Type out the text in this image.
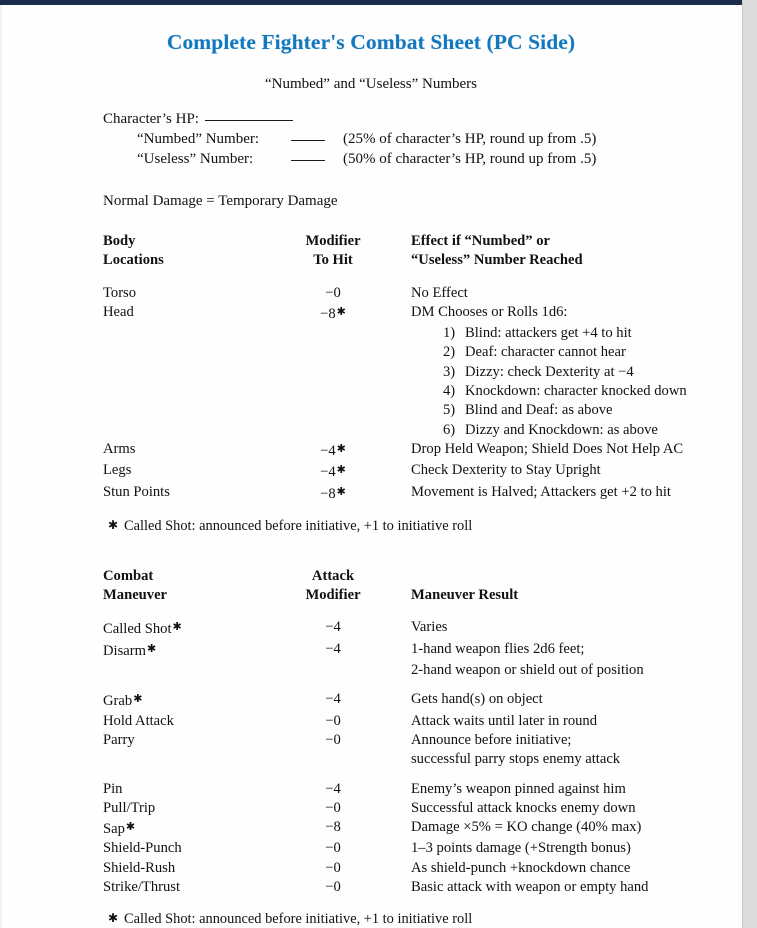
Complete Fighter's Combat Sheet (PC Side)
“Numbed” and “Useless” Numbers
Character’s HP:
“Numbed” Number:	(25% of character’s HP, round up from .5)
“Useless” Number:	(50% of character’s HP, round up from .5)
Normal Damage = Temporary Damage
Body	Modifier	Effect if “Numbed” or
Locations	To Hit	“Useless” Number Reached
Torso	−0	No Effect
Head	−8✱	DM Chooses or Rolls 1d6:
1) Blind: attackers get +4 to hit
2) Deaf: character cannot hear
3) Dizzy: check Dexterity at −4
4) Knockdown: character knocked down
5) Blind and Deaf: as above
6) Dizzy and Knockdown: as above
Arms	−4✱	Drop Held Weapon; Shield Does Not Help AC
Legs	−4✱	Check Dexterity to Stay Upright
Stun Points	−8✱	Movement is Halved; Attackers get +2 to hit
✱ Called Shot: announced before initiative, +1 to initiative roll
Combat	Attack
Maneuver	Modifier	Maneuver Result
Called Shot✱	−4	Varies
Disarm✱	−4	1-hand weapon flies 2d6 feet;
2-hand weapon or shield out of position
Grab✱	−4	Gets hand(s) on object
Hold Attack	−0	Attack waits until later in round
Parry	−0	Announce before initiative;
successful parry stops enemy attack
Pin	−4	Enemy’s weapon pinned against him
Pull/Trip	−0	Successful attack knocks enemy down
Sap✱	−8	Damage ×5% = KO change (40% max)
Shield-Punch	−0	1–3 points damage (+Strength bonus)
Shield-Rush	−0	As shield-punch +knockdown chance
Strike/Thrust	−0	Basic attack with weapon or empty hand
✱ Called Shot: announced before initiative, +1 to initiative roll
